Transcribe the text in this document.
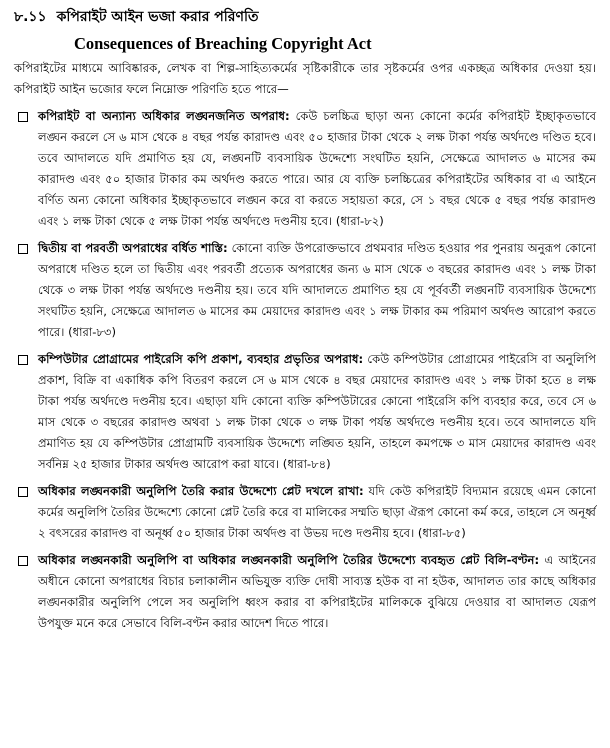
৮.১১ কপিরাইট আইন ভজা করার পরিণতি
Consequences of Breaching Copyright Act

কপিরাইটের মাধ্যমে আবিষ্কারক, লেখক বা শিল্প-সাহিত্যকর্মের সৃষ্টিকারীকে তার সৃষ্টকর্মের ওপর একচ্ছত্র অধিকার দেওয়া হয়। কপিরাইট আইন ভজোর ফলে নিম্নোক্ত পরিণতি হতে পারে—

কপিরাইট বা অন্যান্য অধিকার লঙ্ঘনজনিত অপরাধ: কেউ চলচ্চিত্র ছাড়া অন্য কোনো কর্মের কপিরাইট ইচ্ছাকৃতভাবে লঙ্ঘন করলে সে ৬ মাস থেকে ৪ বছর পর্যন্ত কারাদণ্ড এবং ৫০ হাজার টাকা থেকে ২ লক্ষ টাকা পর্যন্ত অর্থদণ্ডে দণ্ডিত হবে। তবে আদালতে যদি প্রমাণিত হয় যে, লঙ্ঘনটি ব্যবসায়িক উদ্দেশ্যে সংঘটিত হয়নি, সেক্ষেত্রে আদালত ৬ মাসের কম কারাদণ্ড এবং ৫০ হাজার টাকার কম অর্থদণ্ড করতে পারে। আর যে ব্যক্তি চলচ্চিত্রের কপিরাইটের অধিকার বা এ আইনে বর্ণিত অন্য কোনো অধিকার ইচ্ছাকৃতভাবে লঙ্ঘন করে বা করতে সহায়তা করে, সে ১ বছর থেকে ৫ বছর পর্যন্ত কারাদণ্ড এবং ১ লক্ষ টাকা থেকে ৫ লক্ষ টাকা পর্যন্ত অর্থদণ্ডে দণ্ডনীয় হবে। (ধারা-৮২)
দ্বিতীয় বা পরবর্তী অপরাধের বর্ধিত শাস্তি: কোনো ব্যক্তি উপরোক্তভাবে প্রথমবার দণ্ডিত হওয়ার পর পুনরায় অনুরূপ কোনো অপরাধে দণ্ডিত হলে তা দ্বিতীয় এবং পরবর্তী প্রত্যেক অপরাধের জন্য ৬ মাস থেকে ৩ বছরের কারাদণ্ড এবং ১ লক্ষ টাকা থেকে ৩ লক্ষ টাকা পর্যন্ত অর্থদণ্ডে দণ্ডনীয় হয়। তবে যদি আদালতে প্রমাণিত হয় যে পূর্ববর্তী লঙ্ঘনটি ব্যবসায়িক উদ্দেশ্যে সংঘটিত হয়নি, সেক্ষেত্রে আদালত ৬ মাসের কম মেয়াদের কারাদণ্ড এবং ১ লক্ষ টাকার কম পরিমাণ অর্থদণ্ড আরোপ করতে পারে। (ধারা-৮৩)
কম্পিউটার প্রোগ্রামের পাইরেসি কপি প্রকাশ, ব্যবহার প্রভৃতির অপরাধ: কেউ কম্পিউটার প্রোগ্রামের পাইরেসি বা অনুলিপি প্রকাশ, বিক্রি বা একাধিক কপি বিতরণ করলে সে ৬ মাস থেকে ৪ বছর মেয়াদের কারাদণ্ড এবং ১ লক্ষ টাকা হতে ৪ লক্ষ টাকা পর্যন্ত অর্থদণ্ডে দণ্ডনীয় হবে। এছাড়া যদি কোনো ব্যক্তি কম্পিউটারের কোনো পাইরেসি কপি ব্যবহার করে, তবে সে ৬ মাস থেকে ৩ বছরের কারাদণ্ড অথবা ১ লক্ষ টাকা থেকে ৩ লক্ষ টাকা পর্যন্ত অর্থদণ্ডে দণ্ডনীয় হবে। তবে আদালতে যদি প্রমাণিত হয় যে কম্পিউটার প্রোগ্রামটি ব্যবসায়িক উদ্দেশ্যে লঙ্ঘিত হয়নি, তাহলে কমপক্ষে ৩ মাস মেয়াদের কারাদণ্ড এবং সর্বনিম্ন ২৫ হাজার টাকার অর্থদণ্ড আরোপ করা যাবে। (ধারা-৮৪)
অধিকার লঙ্ঘনকারী অনুলিপি তৈরি করার উদ্দেশ্যে প্লেট দখলে রাখা: যদি কেউ কপিরাইট বিদ্যমান রয়েছে এমন কোনো কর্মের অনুলিপি তৈরির উদ্দেশ্যে কোনো প্লেট তৈরি করে বা মালিকের সম্মতি ছাড়া ঐরূপ কোনো কর্ম করে, তাহলে সে অনূর্ধ্ব ২ বৎসরের কারাদণ্ড বা অনূর্ধ্ব ৫০ হাজার টাকা অর্থদণ্ড বা উভয় দণ্ডে দণ্ডনীয় হবে। (ধারা-৮৫)
অধিকার লঙ্ঘনকারী অনুলিপি বা অধিকার লঙ্ঘনকারী অনুলিপি তৈরির উদ্দেশ্যে ব্যবহৃত প্লেট বিলি-বণ্টন: এ আইনের অধীনে কোনো অপরাধের বিচার চলাকালীন অভিযুক্ত ব্যক্তি দোষী সাব্যস্ত হউক বা না হউক, আদালত তার কাছে অধিকার লঙ্ঘনকারীর অনুলিপি পেলে সব অনুলিপি ধ্বংস করার বা কপিরাইটের মালিককে বুঝিয়ে দেওয়ার বা আদালত যেরূপ উপযুক্ত মনে করে সেভাবে বিলি-বণ্টন করার আদেশ দিতে পারে।
